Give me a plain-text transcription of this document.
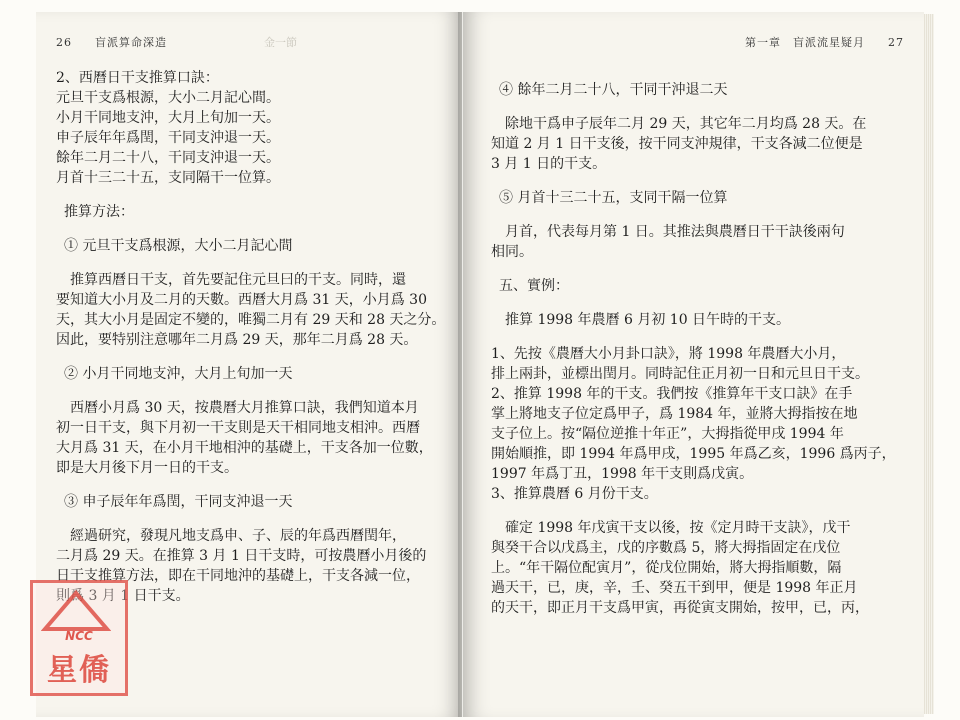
26 盲派算命深造	金一節
2、西曆日干支推算口訣：
元旦干支爲根源，大小二月記心間。
小月干同地支沖，大月上旬加一天。
申子辰年年爲閏，干同支沖退一天。
餘年二月二十八，干同支沖退一天。
月首十三二十五，支同隔干一位算。
推算方法：
① 元旦干支爲根源，大小二月記心間
推算西曆日干支，首先要記住元旦曰的干支。同時，還
要知道大小月及二月的天數。西曆大月爲 31 天，小月爲 30
天，其大小月是固定不變的，唯獨二月有 29 天和 28 天之分。
因此，要特别注意哪年二月爲 29 天，那年二月爲 28 天。
② 小月干同地支沖，大月上旬加一天
西曆小月爲 30 天，按農曆大月推算口訣，我們知道本月
初一日干支，與下月初一干支則是天干相同地支相沖。西曆
大月爲 31 天，在小月干地相沖的基礎上，干支各加一位數，
即是大月後下月一日的干支。
③ 申子辰年年爲閏，干同支沖退一天
經過研究，發現凡地支爲申、子、辰的年爲西曆閏年，
二月爲 29 天。在推算 3 月 1 日干支時，可按農曆小月後的
日干支推算方法，即在干同地沖的基礎上，干支各減一位，
則爲 3 月 1 日干支。
第一章　盲派流星疑月 27
④ 餘年二月二十八，干同干沖退二天
除地干爲申子辰年二月 29 天，其它年二月均爲 28 天。在
知道 2 月 1 日干支後，按干同支沖規律，干支各減二位便是
3 月 1 日的干支。
⑤ 月首十三二十五，支同干隔一位算
月首，代表每月第 1 日。其推法與農曆日干干訣後兩句
相同。
五、實例：
推算 1998 年農曆 6 月初 10 日午時的干支。
1、先按《農曆大小月卦口訣》，將 1998 年農曆大小月，
排上兩卦，並標出閏月。同時記住正月初一日和元旦日干支。
2、推算 1998 年的干支。我們按《推算年干支口訣》在手
掌上將地支子位定爲甲子，爲 1984 年，並將大拇指按在地
支子位上。按“隔位逆推十年正”，大拇指從甲戌 1994 年
開始順推，即 1994 年爲甲戌，1995 年爲乙亥，1996 爲丙子，
1997 年爲丁丑，1998 年干支則爲戊寅。
3、推算農曆 6 月份干支。
確定 1998 年戊寅干支以後，按《定月時干支訣》，戊干
與癸干合以戊爲主，戊的序數爲 5，將大拇指固定在戊位
上。“年干隔位配寅月”，從戊位開始，將大拇指順數，隔
過天干，已，庚，辛，壬、癸五干到甲，便是 1998 年正月
的天干，即正月干支爲甲寅，再從寅支開始，按甲，已，丙，
NCC
星僑
